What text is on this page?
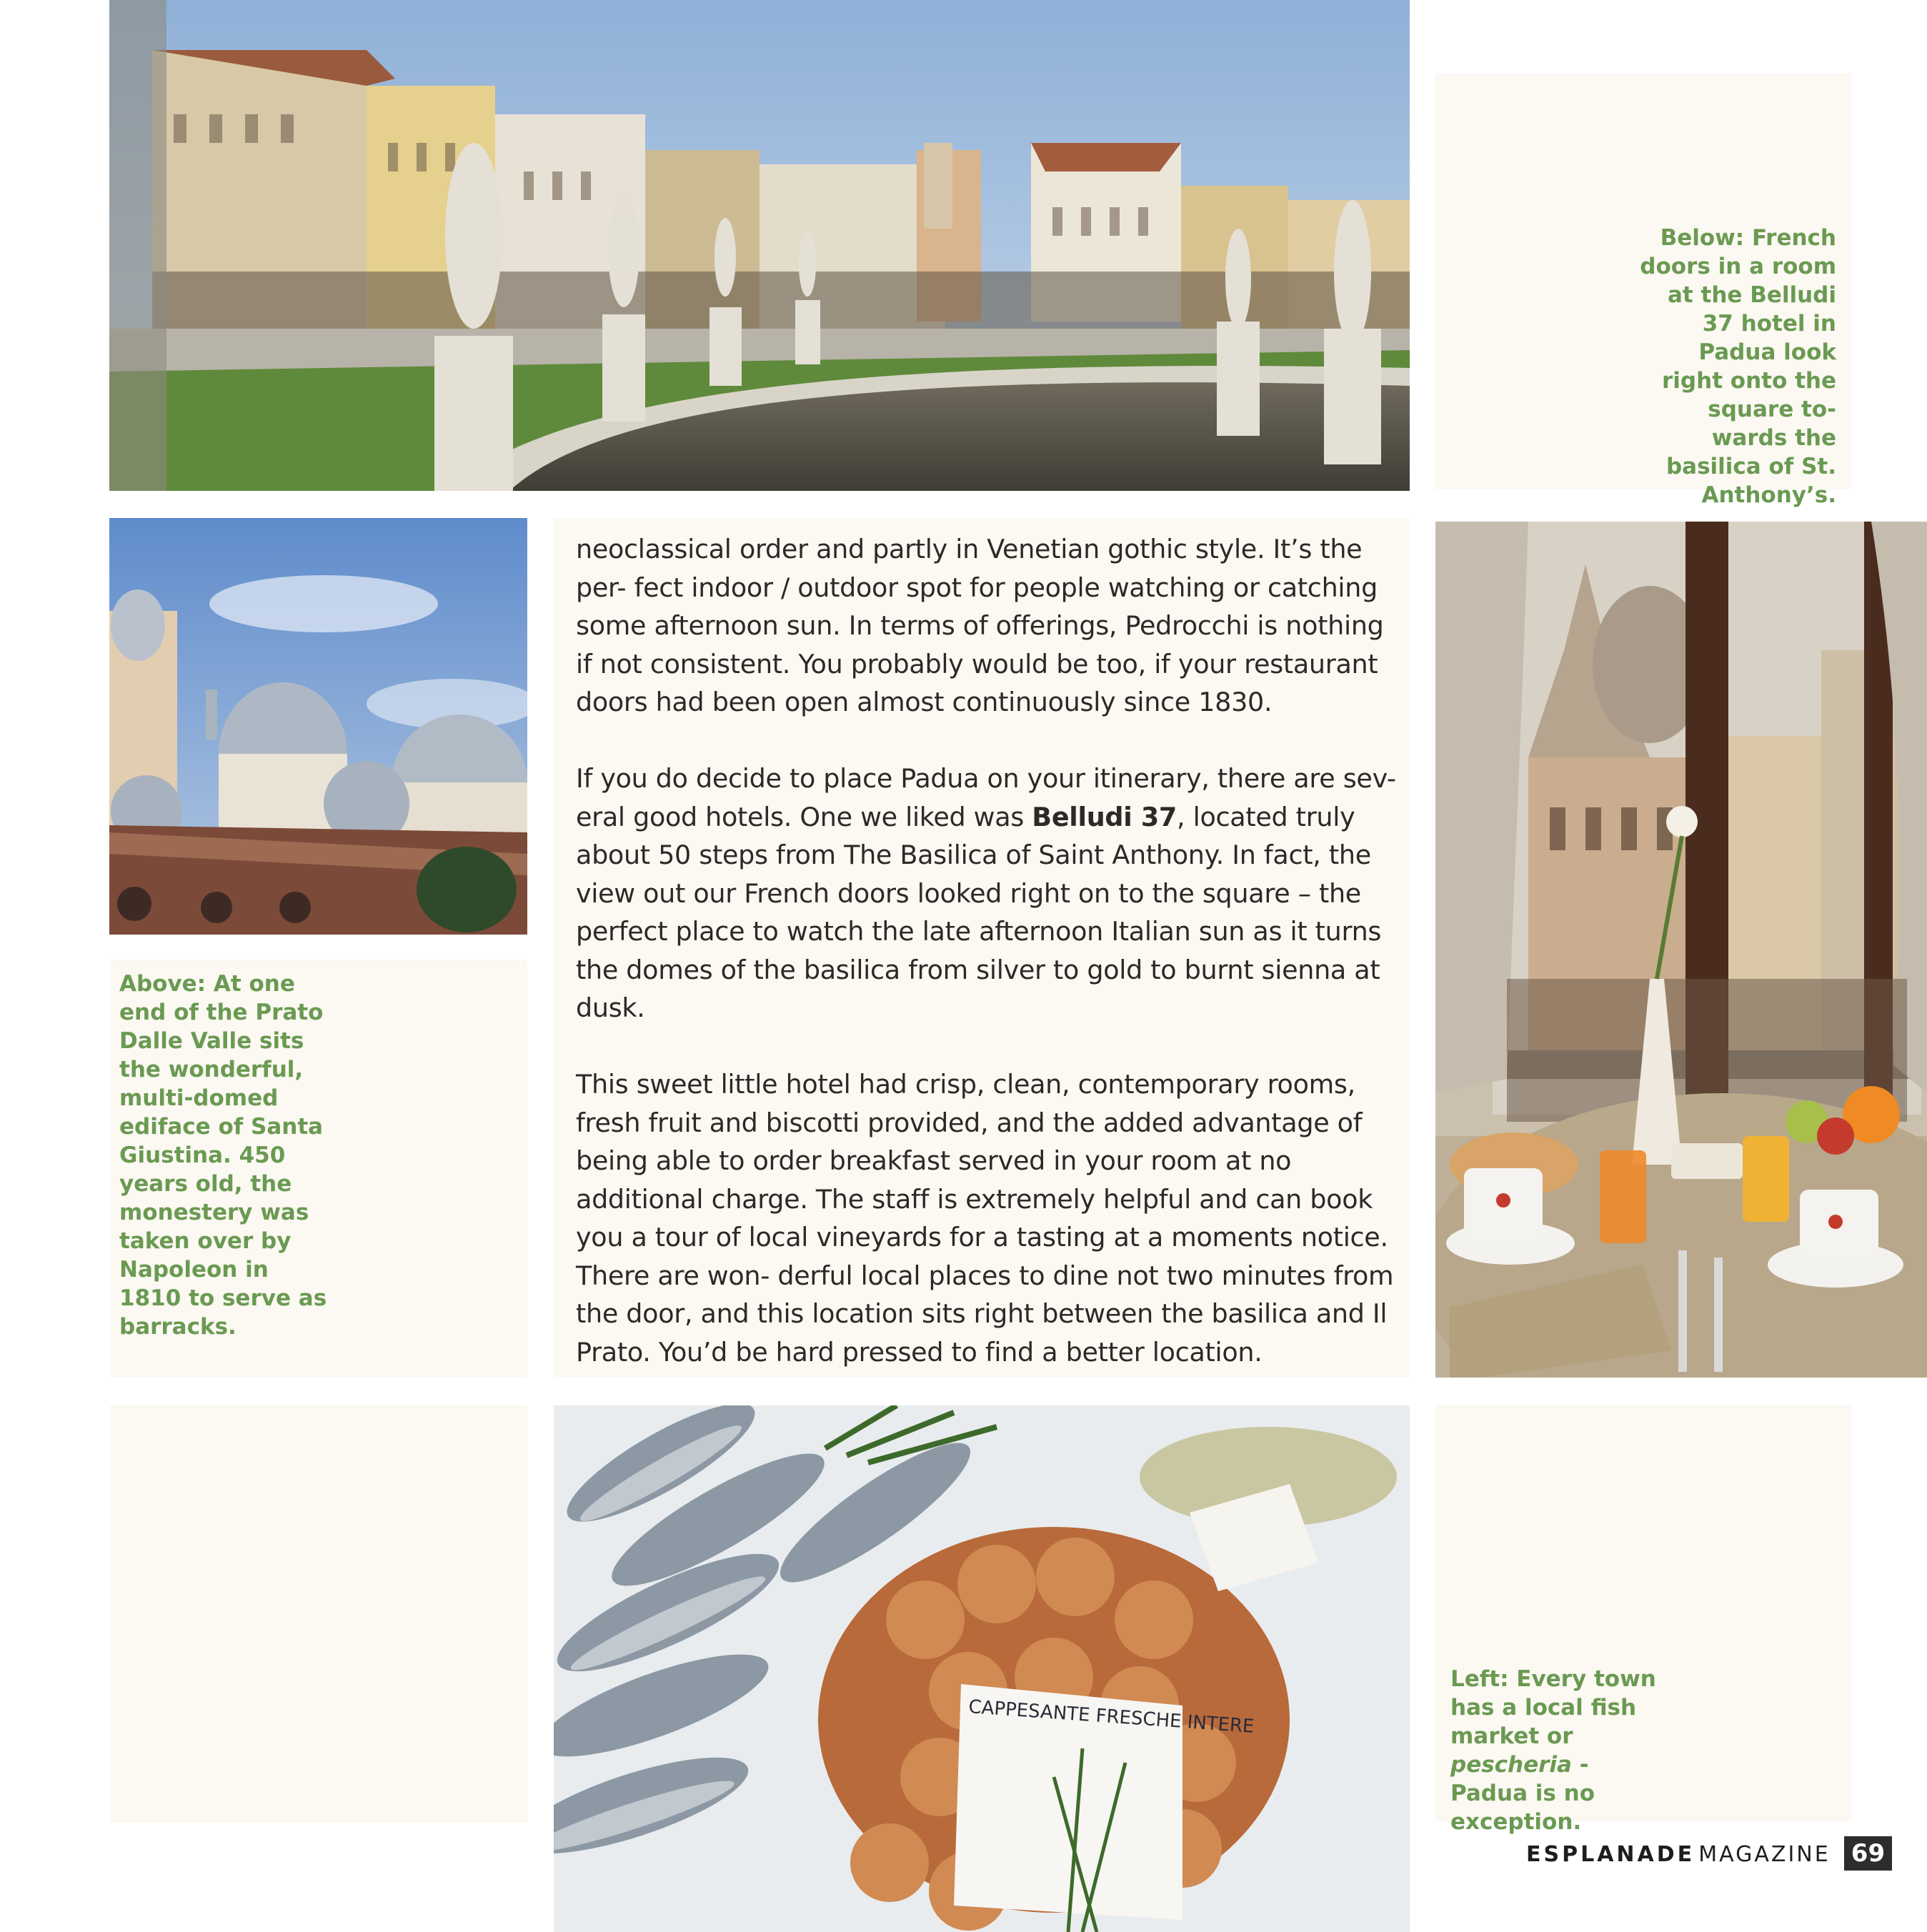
Below: French doors in a room at the Belludi 37 hotel in Padua look right onto the square to- wards the basilica of St. Anthony’s.

Above: At one end of the Prato Dalle Valle sits the wonderful, multi-domed ediface of Santa Giustina. 450 years old, the monestery was taken over by Napoleon in 1810 to serve as barracks.

neoclassical order and partly in Venetian gothic style. It’s the per- fect indoor / outdoor spot for people watching or catching some afternoon sun. In terms of offerings, Pedrocchi is nothing if not consistent. You probably would be too, if your restaurant doors had been open almost continuously since 1830.

If you do decide to place Padua on your itinerary, there are sev- eral good hotels. One we liked was Belludi 37, located truly about 50 steps from The Basilica of Saint Anthony. In fact, the view out our French doors looked right on to the square – the perfect place to watch the late afternoon Italian sun as it turns the domes of the basilica from silver to gold to burnt sienna at dusk.

This sweet little hotel had crisp, clean, contemporary rooms, fresh fruit and biscotti provided, and the added advantage of being able to order breakfast served in your room at no additional charge. The staff is extremely helpful and can book you a tour of local vineyards for a tasting at a moments notice. There are won- derful local places to dine not two minutes from the door, and this location sits right between the basilica and Il Prato. You’d be hard pressed to find a better location.

CAPPESANTE FRESCHE INTERE

Left: Every town has a local fish market or pescheria - Padua is no exception.

ESPLANADE MAGAZINE 69
